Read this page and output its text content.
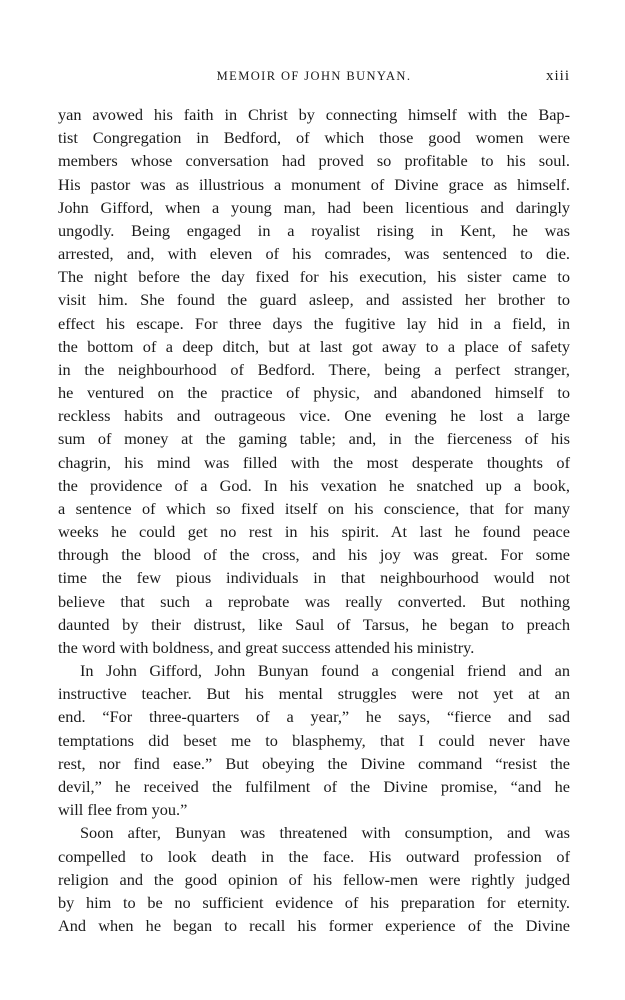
MEMOIR OF JOHN BUNYAN.	xiii
yan avowed his faith in Christ by connecting himself with the Bap-
tist Congregation in Bedford, of which those good women were
members whose conversation had proved so profitable to his soul.
His pastor was as illustrious a monument of Divine grace as himself.
John Gifford, when a young man, had been licentious and daringly
ungodly. Being engaged in a royalist rising in Kent, he was
arrested, and, with eleven of his comrades, was sentenced to die.
The night before the day fixed for his execution, his sister came to
visit him. She found the guard asleep, and assisted her brother to
effect his escape. For three days the fugitive lay hid in a field, in
the bottom of a deep ditch, but at last got away to a place of safety
in the neighbourhood of Bedford. There, being a perfect stranger,
he ventured on the practice of physic, and abandoned himself to
reckless habits and outrageous vice. One evening he lost a large
sum of money at the gaming table; and, in the fierceness of his
chagrin, his mind was filled with the most desperate thoughts of
the providence of a God. In his vexation he snatched up a book,
a sentence of which so fixed itself on his conscience, that for many
weeks he could get no rest in his spirit. At last he found peace
through the blood of the cross, and his joy was great. For some
time the few pious individuals in that neighbourhood would not
believe that such a reprobate was really converted. But nothing
daunted by their distrust, like Saul of Tarsus, he began to preach
the word with boldness, and great success attended his ministry.
In John Gifford, John Bunyan found a congenial friend and an
instructive teacher. But his mental struggles were not yet at an
end. “For three-quarters of a year,” he says, “fierce and sad
temptations did beset me to blasphemy, that I could never have
rest, nor find ease.” But obeying the Divine command “resist the
devil,” he received the fulfilment of the Divine promise, “and he
will flee from you.”
Soon after, Bunyan was threatened with consumption, and was
compelled to look death in the face. His outward profession of
religion and the good opinion of his fellow-men were rightly judged
by him to be no sufficient evidence of his preparation for eternity.
And when he began to recall his former experience of the Divine
